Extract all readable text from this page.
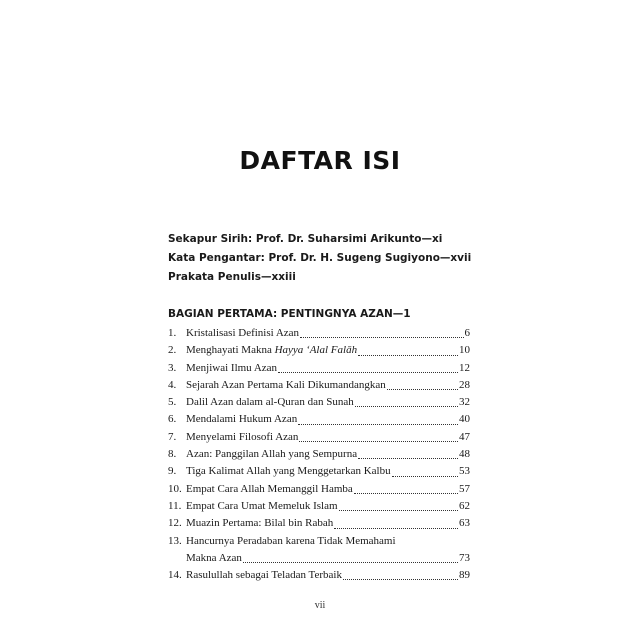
DAFTAR ISI
Sekapur Sirih: Prof. Dr. Suharsimi Arikunto—xi
Kata Pengantar: Prof. Dr. H. Sugeng Sugiyono—xvii
Prakata Penulis—xxiii
BAGIAN PERTAMA: PENTINGNYA AZAN—1
1. Kristalisasi Definisi Azan	6
2. Menghayati Makna Hayya ‘Alal Falāh	10
3. Menjiwai Ilmu Azan	12
4. Sejarah Azan Pertama Kali Dikumandangkan	28
5. Dalil Azan dalam al-Quran dan Sunah	32
6. Mendalami Hukum Azan	40
7. Menyelami Filosofi Azan	47
8. Azan: Panggilan Allah yang Sempurna	48
9. Tiga Kalimat Allah yang Menggetarkan Kalbu	53
10. Empat Cara Allah Memanggil Hamba	57
11. Empat Cara Umat Memeluk Islam	62
12. Muazin Pertama: Bilal bin Rabah	63
13. Hancurnya Peradaban karena Tidak Memahami
Makna Azan	73
14. Rasulullah sebagai Teladan Terbaik	89
vii
